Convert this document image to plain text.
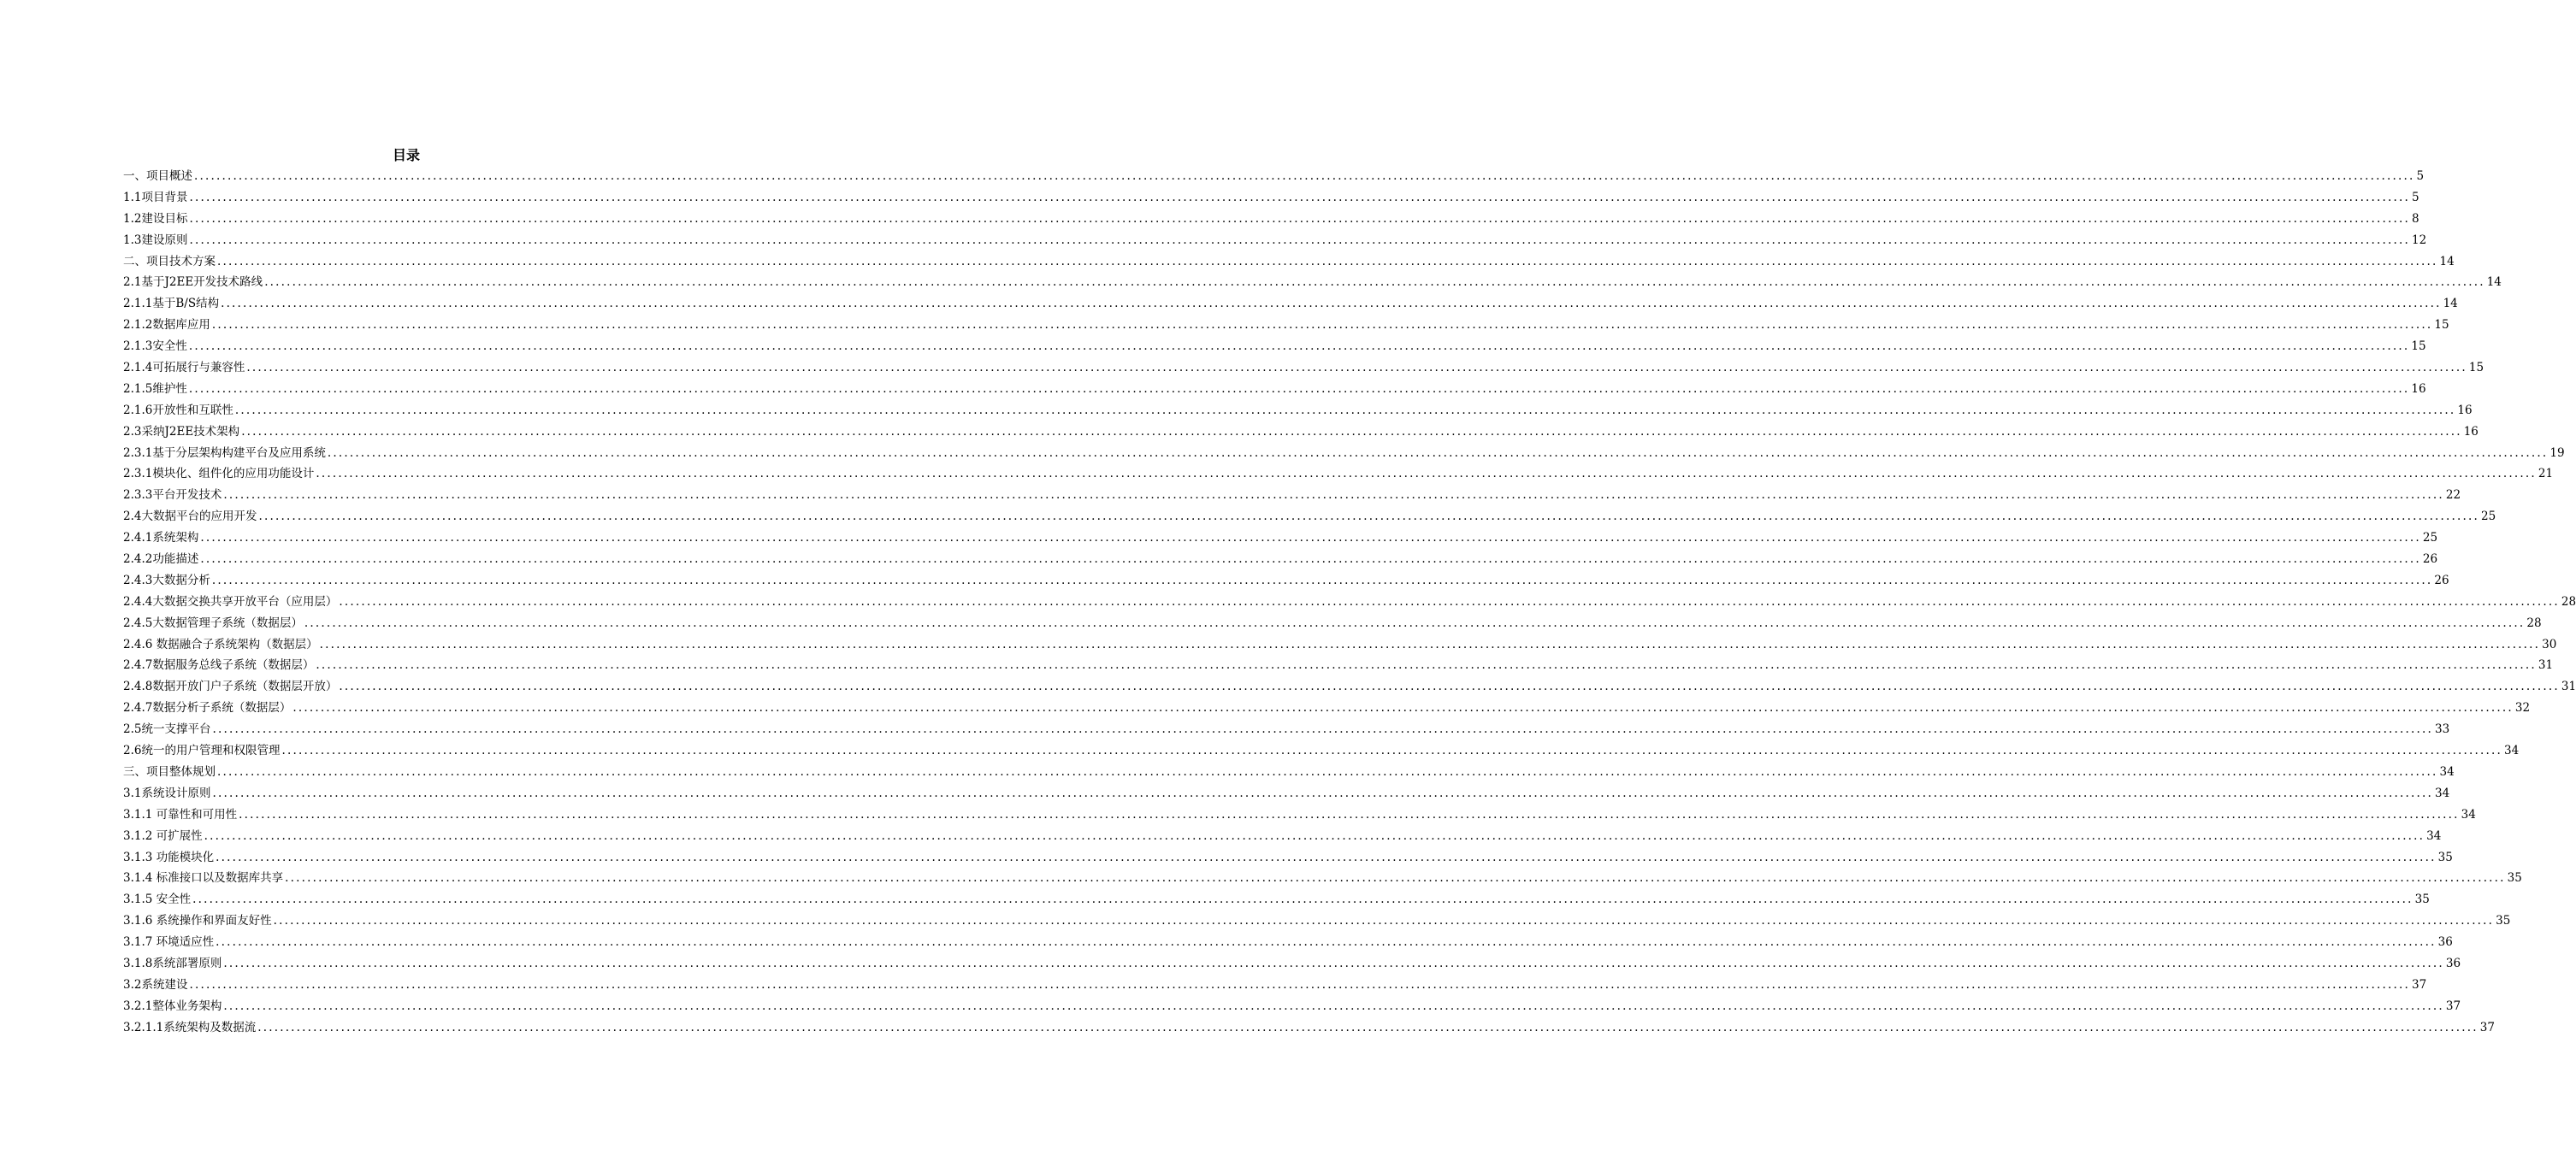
目录
一、项目概述 ................................................................................................................................................................................................................................................................................................................................................................................................................ 5
1.1项目背景 ................................................................................................................................................................................................................................................................................................................................................................................................................ 5
1.2建设目标 ................................................................................................................................................................................................................................................................................................................................................................................................................ 8
1.3建设原则 ................................................................................................................................................................................................................................................................................................................................................................................................................ 12
二、项目技术方案 ................................................................................................................................................................................................................................................................................................................................................................................................................ 14
2.1基于J2EE开发技术路线 ................................................................................................................................................................................................................................................................................................................................................................................................................ 14
2.1.1基于B/S结构 ................................................................................................................................................................................................................................................................................................................................................................................................................ 14
2.1.2数据库应用 ................................................................................................................................................................................................................................................................................................................................................................................................................ 15
2.1.3安全性 ................................................................................................................................................................................................................................................................................................................................................................................................................ 15
2.1.4可拓展行与兼容性 ................................................................................................................................................................................................................................................................................................................................................................................................................ 15
2.1.5维护性 ................................................................................................................................................................................................................................................................................................................................................................................................................ 16
2.1.6开放性和互联性 ................................................................................................................................................................................................................................................................................................................................................................................................................ 16
2.3采纳J2EE技术架构 ................................................................................................................................................................................................................................................................................................................................................................................................................ 16
2.3.1基于分层架构构建平台及应用系统 ................................................................................................................................................................................................................................................................................................................................................................................................................ 19
2.3.1模块化、组件化的应用功能设计 ................................................................................................................................................................................................................................................................................................................................................................................................................ 21
2.3.3平台开发技术 ................................................................................................................................................................................................................................................................................................................................................................................................................ 22
2.4大数据平台的应用开发 ................................................................................................................................................................................................................................................................................................................................................................................................................ 25
2.4.1系统架构 ................................................................................................................................................................................................................................................................................................................................................................................................................ 25
2.4.2功能描述 ................................................................................................................................................................................................................................................................................................................................................................................................................ 26
2.4.3大数据分析 ................................................................................................................................................................................................................................................................................................................................................................................................................ 26
2.4.4大数据交换共享开放平台（应用层） ................................................................................................................................................................................................................................................................................................................................................................................................................ 28
2.4.5大数据管理子系统（数据层） ................................................................................................................................................................................................................................................................................................................................................................................................................ 28
2.4.6 数据融合子系统架构（数据层） ................................................................................................................................................................................................................................................................................................................................................................................................................ 30
2.4.7数据服务总线子系统（数据层） ................................................................................................................................................................................................................................................................................................................................................................................................................ 31
2.4.8数据开放门户子系统（数据层开放） ................................................................................................................................................................................................................................................................................................................................................................................................................ 31
2.4.7数据分析子系统（数据层） ................................................................................................................................................................................................................................................................................................................................................................................................................ 32
2.5统一支撑平台 ................................................................................................................................................................................................................................................................................................................................................................................................................ 33
2.6统一的用户管理和权限管理 ................................................................................................................................................................................................................................................................................................................................................................................................................ 34
三、项目整体规划 ................................................................................................................................................................................................................................................................................................................................................................................................................ 34
3.1系统设计原则 ................................................................................................................................................................................................................................................................................................................................................................................................................ 34
3.1.1 可靠性和可用性 ................................................................................................................................................................................................................................................................................................................................................................................................................ 34
3.1.2 可扩展性 ................................................................................................................................................................................................................................................................................................................................................................................................................ 34
3.1.3 功能模块化 ................................................................................................................................................................................................................................................................................................................................................................................................................ 35
3.1.4 标准接口以及数据库共享 ................................................................................................................................................................................................................................................................................................................................................................................................................ 35
3.1.5 安全性 ................................................................................................................................................................................................................................................................................................................................................................................................................ 35
3.1.6 系统操作和界面友好性 ................................................................................................................................................................................................................................................................................................................................................................................................................ 35
3.1.7 环境适应性 ................................................................................................................................................................................................................................................................................................................................................................................................................ 36
3.1.8系统部署原则 ................................................................................................................................................................................................................................................................................................................................................................................................................ 36
3.2系统建设 ................................................................................................................................................................................................................................................................................................................................................................................................................ 37
3.2.1整体业务架构 ................................................................................................................................................................................................................................................................................................................................................................................................................ 37
3.2.1.1系统架构及数据流 ................................................................................................................................................................................................................................................................................................................................................................................................................ 37
